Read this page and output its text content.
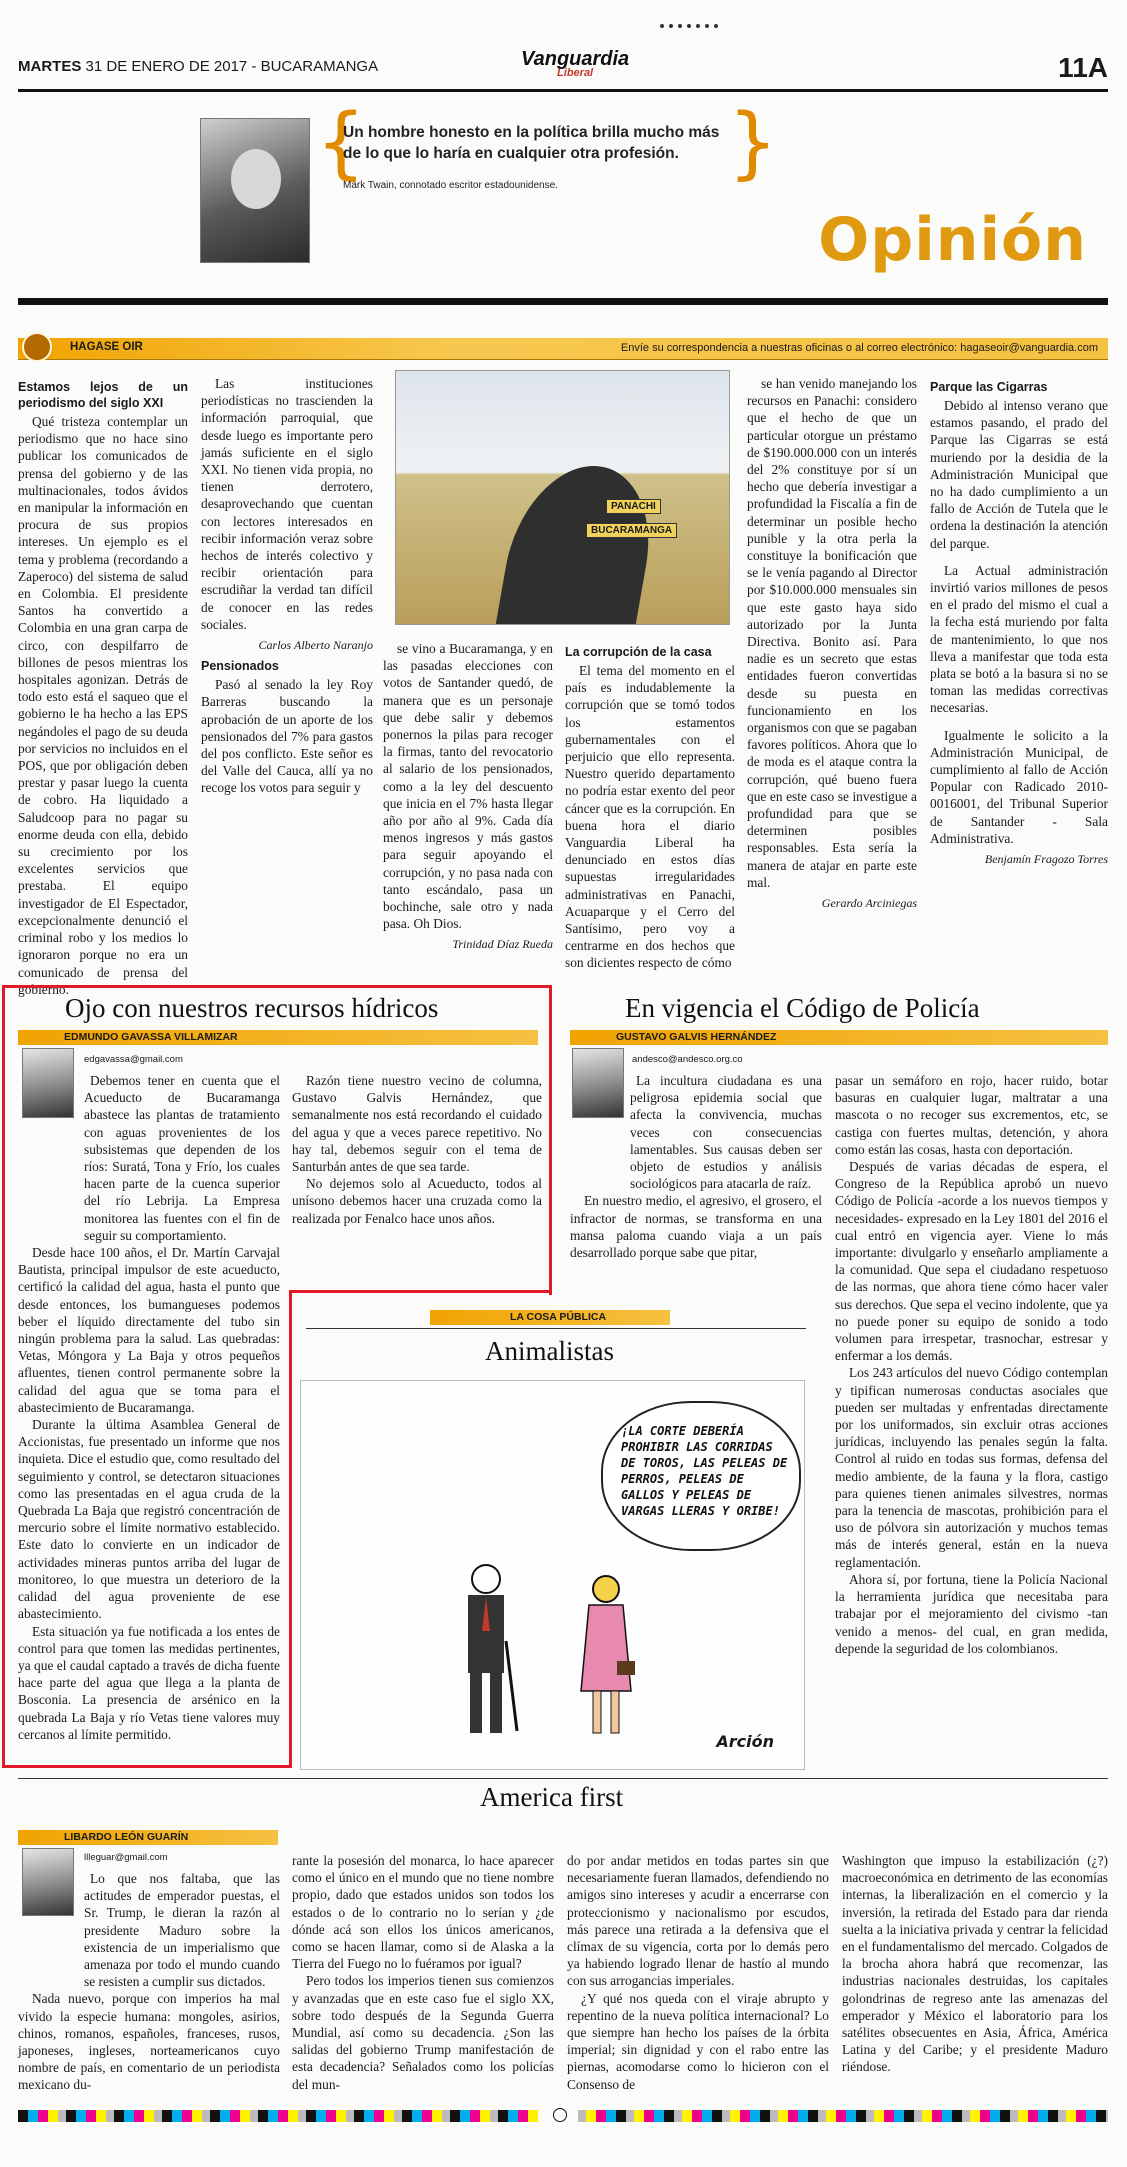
MARTES 31 DE ENERO DE 2017 - BUCARAMANGA	Vanguardia
Liberal	11A
{	}
Un hombre honesto en la política brilla mucho más de lo que lo haría en cualquier otra profesión.
Mark Twain, connotado escritor estadounidense.
Opinión
HAGASE OIR	Envíe su correspondencia a nuestras oficinas o al correo electrónico: hagaseoir@vanguardia.com
Estamos lejos de un periodismo del siglo XXI

Qué tristeza contemplar un periodismo que no hace sino publicar los comunicados de prensa del gobierno y de las multinacionales, todos ávidos en manipular la información en procura de sus propios intereses. Un ejemplo es el tema y problema (recordando a Zaperoco) del sistema de salud en Colombia. El presidente Santos ha convertido a Colombia en una gran carpa de circo, con despilfarro de billones de pesos mientras los hospitales agonizan. Detrás de todo esto está el saqueo que el gobierno le ha hecho a las EPS negándoles el pago de su deuda por servicios no incluidos en el POS, que por obligación deben prestar y pasar luego la cuenta de cobro. Ha liquidado a Saludcoop para no pagar su enorme deuda con ella, debido su crecimiento por los excelentes servicios que prestaba. El equipo investigador de El Espectador, excepcionalmente denunció el criminal robo y los medios lo ignoraron porque no era un comunicado de prensa del gobierno.

Las instituciones periodísticas no trascienden la información parroquial, que desde luego es importante pero jamás suficiente en el siglo XXI. No tienen vida propia, no tienen derrotero, desaprovechando que cuentan con lectores interesados en recibir información veraz sobre hechos de interés colectivo y recibir orientación para escrudiñar la verdad tan difícil de conocer en las redes sociales.

Carlos Alberto Naranjo
Pensionados

Pasó al senado la ley Roy Barreras buscando la aprobación de un aporte de los pensionados del 7% para gastos del pos conflicto. Este señor es del Valle del Cauca, allí ya no recoge los votos para seguir y

PANACHI
BUCARAMANGA

se vino a Bucaramanga, y en las pasadas elecciones con votos de Santander quedó, de manera que es un personaje que debe salir y debemos ponernos la pilas para recoger la firmas, tanto del revocatorio al salario de los pensionados, como a la ley del descuento que inicia en el 7% hasta llegar año por año al 9%. Cada día menos ingresos y más gastos para seguir apoyando el corrupción, y no pasa nada con tanto escándalo, pasa un bochinche, sale otro y nada pasa. Oh Dios.

Trinidad Díaz Rueda
La corrupción de la casa

El tema del momento en el país es indudablemente la corrupción que se tomó todos los estamentos gubernamentales con el perjuicio que ello representa. Nuestro querido departamento no podría estar exento del peor cáncer que es la corrupción. En buena hora el diario Vanguardia Liberal ha denunciado en estos días supuestas irregularidades administrativas en Panachi, Acuaparque y el Cerro del Santísimo, pero voy a centrarme en dos hechos que son dicientes respecto de cómo

se han venido manejando los recursos en Panachi: considero que el hecho de que un particular otorgue un préstamo de $190.000.000 con un interés del 2% constituye por sí un hecho que debería investigar a profundidad la Fiscalía a fin de determinar un posible hecho punible y la otra perla la constituye la bonificación que se le venía pagando al Director por $10.000.000 mensuales sin que este gasto haya sido autorizado por la Junta Directiva. Bonito así. Para nadie es un secreto que estas entidades fueron convertidas desde su puesta en funcionamiento en los organismos con que se pagaban favores políticos. Ahora que lo de moda es el ataque contra la corrupción, qué bueno fuera que en este caso se investigue a profundidad para que se determinen posibles responsables. Esta sería la manera de atajar en parte este mal.

Gerardo Arciniegas
Parque las Cigarras

Debido al intenso verano que estamos pasando, el prado del Parque las Cigarras se está muriendo por la desidia de la Administración Municipal que no ha dado cumplimiento a un fallo de Acción de Tutela que le ordena la destinación la atención del parque.

La Actual administración invirtió varios millones de pesos en el prado del mismo el cual a la fecha está muriendo por falta de mantenimiento, lo que nos lleva a manifestar que toda esta plata se botó a la basura si no se toman las medidas correctivas necesarias.

Igualmente le solicito a la Administración Municipal, de cumplimiento al fallo de Acción Popular con Radicado 2010-0016001, del Tribunal Superior de Santander - Sala Administrativa.

Benjamín Fragozo Torres
Ojo con nuestros recursos hídricos
EDMUNDO GAVASSA VILLAMIZAR
edgavassa@gmail.com

Debemos tener en cuenta que el Acueducto de Bucaramanga abastece las plantas de tratamiento con aguas provenientes de los subsistemas que dependen de los ríos: Suratá, Tona y Frío, los cuales hacen parte de la cuenca superior del río Lebrija. La Empresa monitorea las fuentes con el fin de seguir su comportamiento.

Desde hace 100 años, el Dr. Martín Carvajal Bautista, principal impulsor de este acueducto, certificó la calidad del agua, hasta el punto que desde entonces, los bumangueses podemos beber el líquido directamente del tubo sin ningún problema para la salud. Las quebradas: Vetas, Móngora y La Baja y otros pequeños afluentes, tienen control permanente sobre la calidad del agua que se toma para el abastecimiento de Bucaramanga.

Durante la última Asamblea General de Accionistas, fue presentado un informe que nos inquieta. Dice el estudio que, como resultado del seguimiento y control, se detectaron situaciones como las presentadas en el agua cruda de la Quebrada La Baja que registró concentración de mercurio sobre el límite normativo establecido. Este dato lo convierte en un indicador de actividades mineras puntos arriba del lugar de monitoreo, lo que muestra un deterioro de la calidad del agua proveniente de ese abastecimiento.

Esta situación ya fue notificada a los entes de control para que tomen las medidas pertinentes, ya que el caudal captado a través de dicha fuente hace parte del agua que llega a la planta de Bosconia. La presencia de arsénico en la quebrada La Baja y río Vetas tiene valores muy cercanos al límite permitido.

Razón tiene nuestro vecino de columna, Gustavo Galvis Hernández, que semanalmente nos está recordando el cuidado del agua y que a veces parece repetitivo. No hay tal, debemos seguir con el tema de Santurbán antes de que sea tarde.

No dejemos solo al Acueducto, todos al unísono debemos hacer una cruzada como la realizada por Fenalco hace unos años.

En vigencia el Código de Policía
GUSTAVO GALVIS HERNÁNDEZ
andesco@andesco.org.co

La incultura ciudadana es una peligrosa epidemia social que afecta la convivencia, muchas veces con consecuencias lamentables. Sus causas deben ser objeto de estudios y análisis sociológicos para atacarla de raíz.

En nuestro medio, el agresivo, el grosero, el infractor de normas, se transforma en una mansa paloma cuando viaja a un país desarrollado porque sabe que pitar,

pasar un semáforo en rojo, hacer ruido, botar basuras en cualquier lugar, maltratar a una mascota o no recoger sus excrementos, etc, se castiga con fuertes multas, detención, y ahora como están las cosas, hasta con deportación.

Después de varias décadas de espera, el Congreso de la República aprobó un nuevo Código de Policía -acorde a los nuevos tiempos y necesidades- expresado en la Ley 1801 del 2016 el cual entró en vigencia ayer. Viene lo más importante: divulgarlo y enseñarlo ampliamente a la comunidad. Que sepa el ciudadano respetuoso de las normas, que ahora tiene cómo hacer valer sus derechos. Que sepa el vecino indolente, que ya no puede poner su equipo de sonido a todo volumen para irrespetar, trasnochar, estresar y enfermar a los demás.

Los 243 artículos del nuevo Código contemplan y tipifican numerosas conductas asociales que pueden ser multadas y enfrentadas directamente por los uniformados, sin excluir otras acciones jurídicas, incluyendo las penales según la falta. Control al ruido en todas sus formas, defensa del medio ambiente, de la fauna y la flora, castigo para quienes tienen animales silvestres, normas para la tenencia de mascotas, prohibición para el uso de pólvora sin autorización y muchos temas más de interés general, están en la nueva reglamentación.

Ahora sí, por fortuna, tiene la Policía Nacional la herramienta jurídica que necesitaba para trabajar por el mejoramiento del civismo -tan venido a menos- del cual, en gran medida, depende la seguridad de los colombianos.

LA COSA PÚBLICA
Animalistas
¡LA CORTE DEBERÍA PROHIBIR LAS CORRIDAS DE TOROS, LAS PELEAS DE PERROS, PELEAS DE GALLOS Y PELEAS DE VARGAS LLERAS Y ORIBE!
Arción
America first
LIBARDO LEÓN GUARÍN
llleguar@gmail.com

Lo que nos faltaba, que las actitudes de emperador puestas, el Sr. Trump, le dieran la razón al presidente Maduro sobre la existencia de un imperialismo que amenaza por todo el mundo cuando se resisten a cumplir sus dictados.

Nada nuevo, porque con imperios ha mal vivido la especie humana: mongoles, asirios, chinos, romanos, españoles, franceses, rusos, japoneses, ingleses, norteamericanos cuyo nombre de país, en comentario de un periodista mexicano du-

rante la posesión del monarca, lo hace aparecer como el único en el mundo que no tiene nombre propio, dado que estados unidos son todos los estados o de lo contrario no lo serían y ¿de dónde acá son ellos los únicos americanos, como se hacen llamar, como si de Alaska a la Tierra del Fuego no lo fuéramos por igual?

Pero todos los imperios tienen sus comienzos y avanzadas que en este caso fue el siglo XX, sobre todo después de la Segunda Guerra Mundial, así como su decadencia. ¿Son las salidas del gobierno Trump manifestación de esta decadencia? Señalados como los policías del mun-

do por andar metidos en todas partes sin que necesariamente fueran llamados, defendiendo no amigos sino intereses y acudir a encerrarse con proteccionismo y nacionalismo por escudos, más parece una retirada a la defensiva que el clímax de su vigencia, corta por lo demás pero ya habiendo logrado llenar de hastío al mundo con sus arrogancias imperiales.

¿Y qué nos queda con el viraje abrupto y repentino de la nueva política internacional? Lo que siempre han hecho los países de la órbita imperial; sin dignidad y con el rabo entre las piernas, acomodarse como lo hicieron con el Consenso de

Washington que impuso la estabilización (¿?) macroeconómica en detrimento de las economías internas, la liberalización en el comercio y la inversión, la retirada del Estado para dar rienda suelta a la iniciativa privada y centrar la felicidad en el fundamentalismo del mercado. Colgados de la brocha ahora habrá que recomenzar, las industrias nacionales destruidas, los capitales golondrinas de regreso ante las amenazas del emperador y México el laboratorio para los satélites obsecuentes en Asia, África, América Latina y del Caribe; y el presidente Maduro riéndose.
